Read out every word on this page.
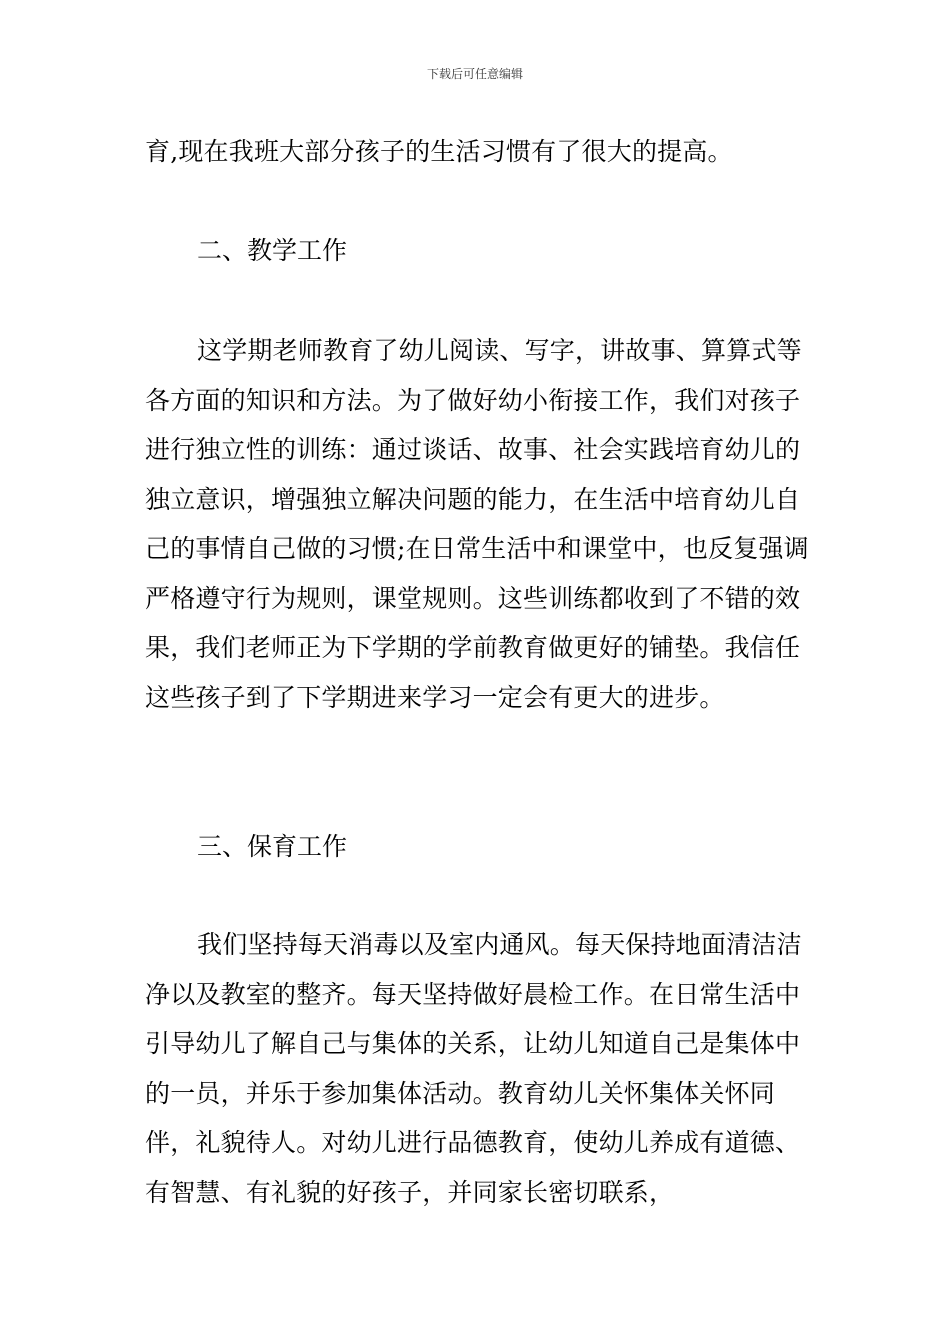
下载后可任意编辑

育,现在我班大部分孩子的生活习惯有了很大的提高。

二、教学工作

这学期老师教育了幼儿阅读、写字，讲故事、算算式等各方面的知识和方法。为了做好幼小衔接工作，我们对孩子进行独立性的训练：通过谈话、故事、社会实践培育幼儿的独立意识，增强独立解决问题的能力，在生活中培育幼儿自己的事情自己做的习惯;在日常生活中和课堂中，也反复强调严格遵守行为规则，课堂规则。这些训练都收到了不错的效果，我们老师正为下学期的学前教育做更好的铺垫。我信任这些孩子到了下学期进来学习一定会有更大的进步。

三、保育工作

我们坚持每天消毒以及室内通风。每天保持地面清洁洁净以及教室的整齐。每天坚持做好晨检工作。在日常生活中引导幼儿了解自己与集体的关系，让幼儿知道自己是集体中的一员，并乐于参加集体活动。教育幼儿关怀集体关怀同伴，礼貌待人。对幼儿进行品德教育，使幼儿养成有道德、有智慧、有礼貌的好孩子，并同家长密切联系，
